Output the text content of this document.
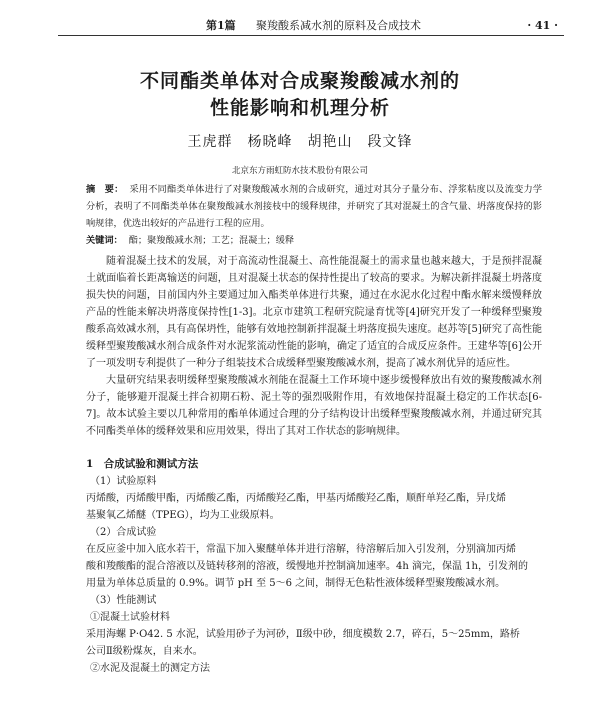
第1篇 聚羧酸系减水剂的原料及合成技术	· 41 ·
不同酯类单体对合成聚羧酸减水剂的
性能影响和机理分析
王虎群　杨晓峰　胡艳山　段文锋
北京东方雨虹防水技术股份有限公司
摘　要： 采用不同酯类单体进行了对聚羧酸减水剂的合成研究，通过对其分子量分布、浮浆粘度以及流变力学分析，表明了不同酯类单体在聚羧酸减水剂接枝中的缓释规律，并研究了其对混凝土的含气量、坍落度保持的影响规律，优选出较好的产品进行工程的应用。
关键词： 酯；聚羧酸减水剂；工艺；混凝土；缓释

随着混凝土技术的发展，对于高流动性混凝土、高性能混凝土的需求量也越来越大，于是预拌混凝土就面临着长距离输送的问题，且对混凝土状态的保持性提出了较高的要求。为解决新拌混凝土坍落度损失快的问题，目前国内外主要通过加入酯类单体进行共聚，通过在水泥水化过程中酯水解来缓慢释放产品的性能来解决坍落度保持性[1-3]。北京市建筑工程研究院逯育忧等[4]研究开发了一种缓释型聚羧酸系高效减水剂，具有高保坍性，能够有效地控制新拌混凝土坍落度损失速度。赵苏等[5]研究了高性能缓释型聚羧酸减水剂合成条件对水泥浆流动性能的影响，确定了适宜的合成反应条件。王建华等[6]公开了一项发明专利提供了一种分子组装技术合成缓释型聚羧酸减水剂，提高了减水剂优异的适应性。

大量研究结果表明缓释型聚羧酸减水剂能在混凝土工作环境中逐步缓慢释放出有效的聚羧酸减水剂分子，能够避开混凝土拌合初期石粉、泥土等的强烈吸附作用，有效地保持混凝土稳定的工作状态[6-7]。故本试验主要以几种常用的酯单体通过合理的分子结构设计出缓释型聚羧酸减水剂，并通过研究其不同酯类单体的缓释效果和应用效果，得出了其对工作状态的影响规律。

1　合成试验和测试方法

（1）试验原料

丙烯酸，丙烯酸甲酯，丙烯酸乙酯，丙烯酸羟乙酯，甲基丙烯酸羟乙酯，顺酐单羟乙酯，异戊烯

基聚氧乙烯醚（TPEG），均为工业级原料。

（2）合成试验

在反应釜中加入底水若干，常温下加入聚醚单体并进行溶解，待溶解后加入引发剂，分别滴加丙烯

酸和羧酸酯的混合溶液以及链转移剂的溶液，缓慢地并控制滴加速率。4h 滴完，保温 1h，引发剂的

用量为单体总质量的 0.9%。调节 pH 至 5～6 之间，制得无色粘性液体缓释型聚羧酸减水剂。

（3）性能测试

①混凝土试验材料

采用海螺 P·O42. 5 水泥，试验用砂子为河砂，Ⅱ级中砂，细度模数 2.7，碎石，5～25mm，路桥

公司Ⅱ级粉煤灰，自来水。

②水泥及混凝土的测定方法
